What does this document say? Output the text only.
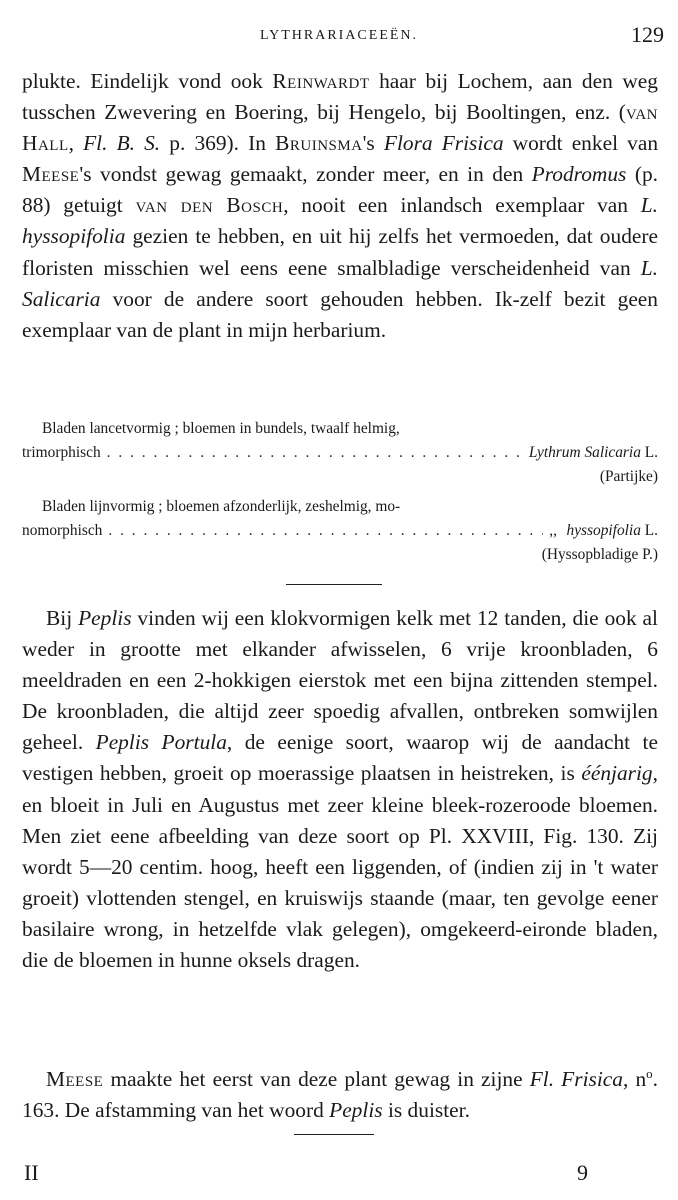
LYTHRARIACEEËN.	129

plukte. Eindelijk vond ook Reinwardt haar bij Lochem, aan den weg tusschen Zwevering en Boering, bij Hengelo, bij Booltingen, enz. (van Hall, Fl. B. S. p. 369). In Bruinsma's Flora Frisica wordt enkel van Meese's vondst gewag gemaakt, zonder meer, en in den Prodromus (p. 88) getuigt van den Bosch, nooit een inlandsch exemplaar van L. hyssopifolia gezien te hebben, en uit hij zelfs het vermoeden, dat oudere floristen misschien wel eens eene smalbladige verscheidenheid van L. Salicaria voor de andere soort gehouden hebben. Ik-zelf bezit geen exemplaar van de plant in mijn herbarium.

Bladen lancetvormig ; bloemen in bundels, twaalf helmig,
trimorphisch . . .	Lythrum Salicaria
L.
(Partijke)
Bladen lijnvormig ; bloemen afzonderlijk, zeshelmig, mo-
nomorphisch . . .	,, hyssopifolia
L.
(Hyssopbladige P.)

Bij Peplis vinden wij een klokvormigen kelk met 12 tanden, die ook al weder in grootte met elkander afwisselen, 6 vrije kroonbladen, 6 meeldraden en een 2-hokkigen eierstok met een bijna zittenden stempel. De kroonbladen, die altijd zeer spoedig afvallen, ontbreken somwijlen geheel. Peplis Portula, de eenige soort, waarop wij de aandacht te vestigen hebben, groeit op moerassige plaatsen in heistreken, is éénjarig, en bloeit in Juli en Augustus met zeer kleine bleek-rozeroode bloemen. Men ziet eene afbeelding van deze soort op Pl. XXVIII, Fig. 130. Zij wordt 5—20 centim. hoog, heeft een liggenden, of (indien zij in 't water groeit) vlottenden stengel, en kruiswijs staande (maar, ten gevolge eener basilaire wrong, in hetzelfde vlak gelegen), omgekeerd-eironde bladen, die de bloemen in hunne oksels dragen.

Meese maakte het eerst van deze plant gewag in zijne Fl. Frisica, $n^o$. 163. De afstamming van het woord Peplis is duister.

II	9
